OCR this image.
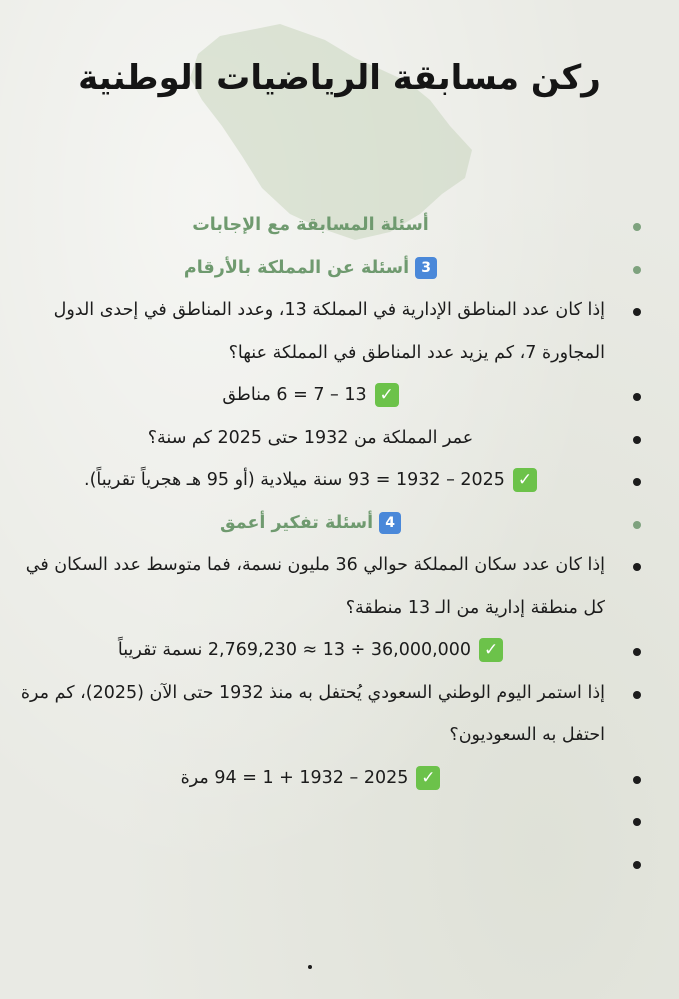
ركن مسابقة الرياضيات الوطنية
أسئلة المسابقة مع الإجابات
3أسئلة عن المملكة بالأرقام
إذا كان عدد المناطق الإدارية في المملكة 13، وعدد المناطق في إحدى الدول المجاورة 7، كم يزيد عدد المناطق في المملكة عنها؟
✓13 – 7 = 6 مناطق
عمر المملكة من 1932 حتى 2025 كم سنة؟
✓2025 – 1932 = 93 سنة ميلادية (أو 95 هـ هجرياً تقريباً).
4أسئلة تفكير أعمق
إذا كان عدد سكان المملكة حوالي 36 مليون نسمة، فما متوسط عدد السكان في كل منطقة إدارية من الـ 13 منطقة؟
✓36,000,000 ÷ 13 ≈ 2,769,230 نسمة تقريباً
إذا استمر اليوم الوطني السعودي يُحتفل به منذ 1932 حتى الآن (2025)، كم مرة احتفل به السعوديون؟
✓2025 – 1932 + 1 = 94 مرة
